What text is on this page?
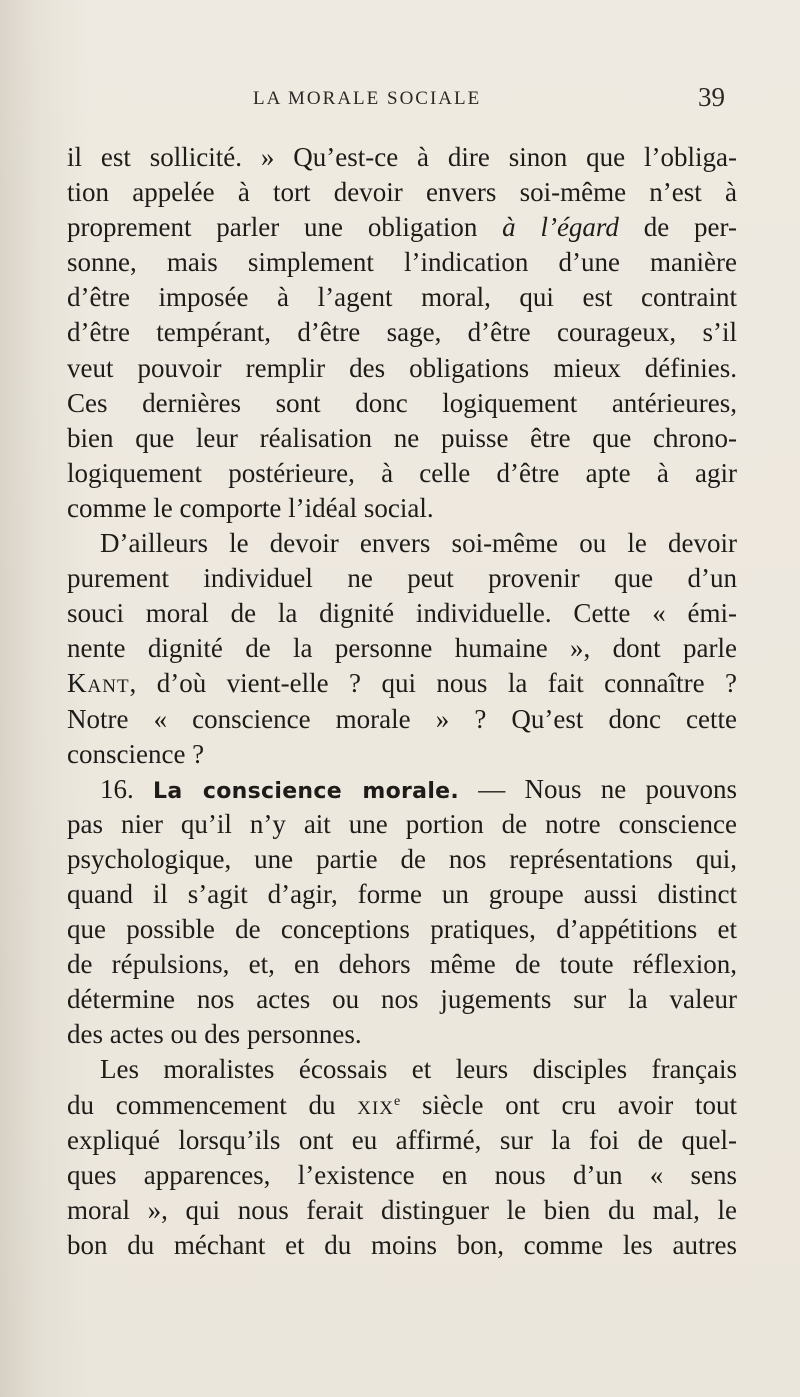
LA MORALE SOCIALE	39
il est sollicité. » Qu’est-ce à dire sinon que l’obliga-
tion appelée à tort devoir envers soi-même n’est à
proprement parler une obligation à l’égard de per-
sonne, mais simplement l’indication d’une manière
d’être imposée à l’agent moral, qui est contraint
d’être tempérant, d’être sage, d’être courageux, s’il
veut pouvoir remplir des obligations mieux définies.
Ces dernières sont donc logiquement antérieures,
bien que leur réalisation ne puisse être que chrono-
logiquement postérieure, à celle d’être apte à agir
comme le comporte l’idéal social.
D’ailleurs le devoir envers soi-même ou le devoir
purement individuel ne peut provenir que d’un
souci moral de la dignité individuelle. Cette « émi-
nente dignité de la personne humaine », dont parle
Kant, d’où vient-elle ? qui nous la fait connaître ?
Notre « conscience morale » ? Qu’est donc cette
conscience ?
16. La conscience morale. — Nous ne pouvons
pas nier qu’il n’y ait une portion de notre conscience
psychologique, une partie de nos représentations qui,
quand il s’agit d’agir, forme un groupe aussi distinct
que possible de conceptions pratiques, d’appétitions et
de répulsions, et, en dehors même de toute réflexion,
détermine nos actes ou nos jugements sur la valeur
des actes ou des personnes.
Les moralistes écossais et leurs disciples français
du commencement du xix$^e$ siècle ont cru avoir tout
expliqué lorsqu’ils ont eu affirmé, sur la foi de quel-
ques apparences, l’existence en nous d’un « sens
moral », qui nous ferait distinguer le bien du mal, le
bon du méchant et du moins bon, comme les autres
